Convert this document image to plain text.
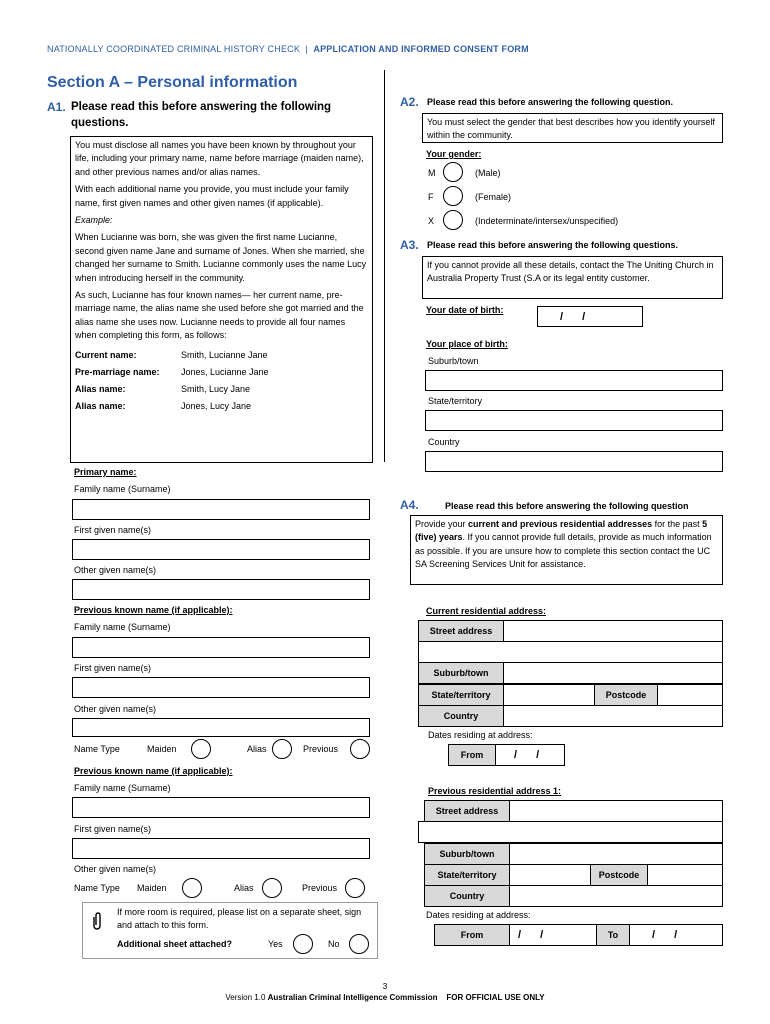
NATIONALLY COORDINATED CRIMINAL HISTORY CHECK | APPLICATION AND INFORMED CONSENT FORM
Section A – Personal information
A1. Please read this before answering the following questions.

You must disclose all names you have been known by throughout your life, including your primary name, name before marriage (maiden name), and other previous names and/or alias names.

With each additional name you provide, you must include your family name, first given names and other given names (if applicable).

Example:

When Lucianne was born, she was given the first name Lucianne, second given name Jane and surname of Jones. When she married, she changed her surname to Smith. Lucianne commonly uses the name Lucy when introducing herself in the community.

As such, Lucianne has four known names— her current name, pre-marriage name, the alias name she used before she got married and the alias name she uses now. Lucianne needs to provide all four names when completing this form, as follows:

Current name:	Smith, Lucianne Jane
Pre-marriage name: Jones, Lucianne Jane
Alias name:	Smith, Lucy Jane
Alias name:	Jones, Lucy Jane
Primary name:
Family name (Surname)
First given name(s)
Other given name(s)
Previous known name (if applicable):
Family name (Surname)
First given name(s)
Other given name(s)
Name Type	Maiden	Alias	Previous
Previous known name (if applicable):
Family name (Surname)
First given name(s)
Other given name(s)
Name Type Maiden	Alias	Previous
If more room is required, please list on a separate sheet, sign and attach to this form.
Additional sheet attached?	Yes	No
A2. Please read this before answering the following question.
You must select the gender that best describes how you identify yourself within the community.
Your gender:
M	(Male)
F	(Female)
X	(Indeterminate/intersex/unspecified)
A3. Please read this before answering the following questions.
If you cannot provide all these details, contact the The Uniting Church in Australia Property Trust (S.A or its legal entity customer.
Your date of birth:
/ /
Your place of birth:
Suburb/town
State/territory
Country
A4.	Please read this before answering the following question
Provide your current and previous residential addresses for the past 5 (five) years. If you cannot provide full details, provide as much information as possible. If you are unsure how to complete this section contact the UC SA Screening Services Unit for assistance.
Current residential address:
Street address
Suburb/town
State/territory	Postcode
Country
Dates residing at address:
From	/ /
Previous residential address 1:
Street address
Suburb/town
State/territory	Postcode
Country
Dates residing at address:
From	/ /	To	/ /
3
Version 1.0 Australian Criminal Intelligence Commission FOR OFFICIAL USE ONLY
